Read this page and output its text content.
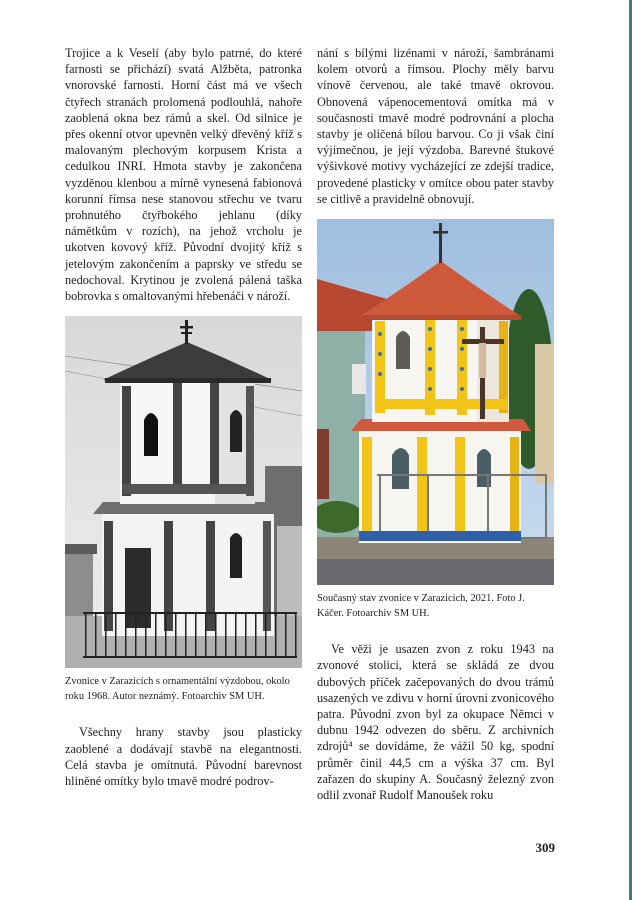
Trojice a k Veselí (aby bylo patrné, do které farnosti se přichází) svatá Alžběta, patronka vnorovské farnosti. Horní část má ve všech čtyřech stranách prolomená podlouhlá, nahoře zaoblená okna bez rámů a skel. Od silnice je přes okenní otvor upevněn velký dřevěný kříž s malovaným plechovým korpusem Krista a cedulkou INRI. Hmota stavby je zakončena vyzděnou klenbou a mírně vynesená fabionová korunní římsa nese stanovou střechu ve tvaru prohnutého čtyřbokého jehlanu (díky námětkům v rozích), na jehož vrcholu je ukotven kovový kříž. Původní dvojitý kříž s jetelovým zakončením a paprsky ve středu se nedochoval. Krytinou je zvolená pálená taška bobrovka s omaltovanými hřebenáči v nároží.

Zvonice v Zarazicích s ornamentální výzdobou, okolo roku 1968. Autor neznámý. Fotoarchiv SM UH.

Všechny hrany stavby jsou plasticky zaoblené a dodávají stavbě na elegantnosti. Celá stavba je omítnutá. Původní barevnost hliněné omítky bylo tmavě modré podrov-

nání s bílými lizénami v nároží, šambránami kolem otvorů a římsou. Plochy měly barvu vínově červenou, ale také tmavě okrovou. Obnovená vápenocementová omítka má v současnosti tmavě modré podrovnání a plocha stavby je olíčená bílou barvou. Co ji však činí výjimečnou, je její výzdoba. Barevné štukové výšivkové motivy vycházející ze zdejší tradice, provedené plasticky v omítce obou pater stavby se citlivě a pravidelně obnovují.

Současný stav zvonice v Zarazicích, 2021. Foto J. Káčer. Fotoarchiv SM UH.

Ve věži je usazen zvon z roku 1943 na zvonové stolici, která se skládá ze dvou dubových příček začepovaných do dvou trámů usazených ve zdivu v horní úrovni zvonicového patra. Původní zvon byl za okupace Němci v dubnu 1942 odvezen do sběru. Z archivních zdrojů⁴ se dovídáme, že vážil 50 kg, spodní průměr činil 44,5 cm a výška 37 cm. Byl zařazen do skupiny A. Současný železný zvon odlil zvonař Rudolf Manoušek roku

309
